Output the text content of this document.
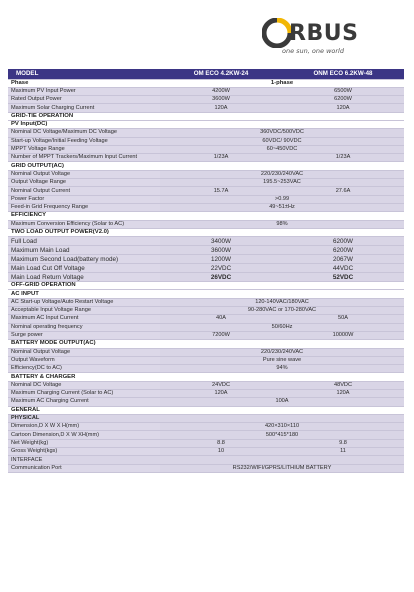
RBUS
one sun, one world
MODEL	OM ECO 4.2KW-24	ONM ECO 6.2KW-48
Phase	1-phase	
Maximum PV Input Power	4200W	6500W
Rated Output Power	3600W	6200W
Maximum Solar Charging Current	120A	120A
GRID-TIE OPERATION		
PV Input(DC)		
Nominal DC Voltage/Maximum DC Voltage	360VDC/500VDC	
Start-up Voltage/Initial Feeding Voltage	60VDC/ 90VDC	
MPPT Voltage Range	60~450VDC	
Number of MPPT Trackers/Maximum Input Current	1/23A	1/23A
GRID OUTPUT(AC)		
Nominal Output Voltage	220/230/240VAC	
Output Voltage Range	195.5~253VAC	
Nominal Output Current	15.7A	27.6A
Power Factor	>0.99	
Feed-in Grid Frequency Range	49~51±Hz	
EFFICIENCY		
Maximum Conversion Efficiency (Solar to AC)	98%	
TWO LOAD OUTPUT POWER(V2.0)		
Full Load	3400W	6200W
Maximum Main Load	3600W	6200W
Maximum Second Load(battery mode)	1200W	2067W
Main Load Cut Off Voltage	22VDC	44VDC
Main Load Return Voltage	26VDC	52VDC
OFF-GRID OPERATION		
AC INPUT		
AC Start-up Voltage/Auto Restart Voltage	120-140VAC/180VAC	
Acceptable Input Voltage Range	90-280VAC or 170-280VAC	
Maximum AC Input Current	40A	50A
Nominal operating frequency	50/60Hz	
Surge power	7200W	10000W
BATTERY MODE OUTPUT(AC)		
Nominal Output Voltage	220/230/240VAC	
Output Waveform	Pure sine wave	
Efficiency(DC to AC)	94%	
BATTERY & CHARGER		
Nominal DC Voltage	24VDC	48VDC
Maximum Charging Current (Solar to AC)	120A	120A
Maximum AC Charging Current	100A	
GENERAL		
PHYSICAL		
Dimension,D X W X H(mm)	420×310×110	
Cartoon Dimension,D X W XH(mm)	500*415*180	
Net Weight(kg)	8.8	9.8
Gross Weight(kgs)	10	11
INTERFACE		
Communication Port	RS232/WIFI/GPRS/LITHIUM BATTERY	
